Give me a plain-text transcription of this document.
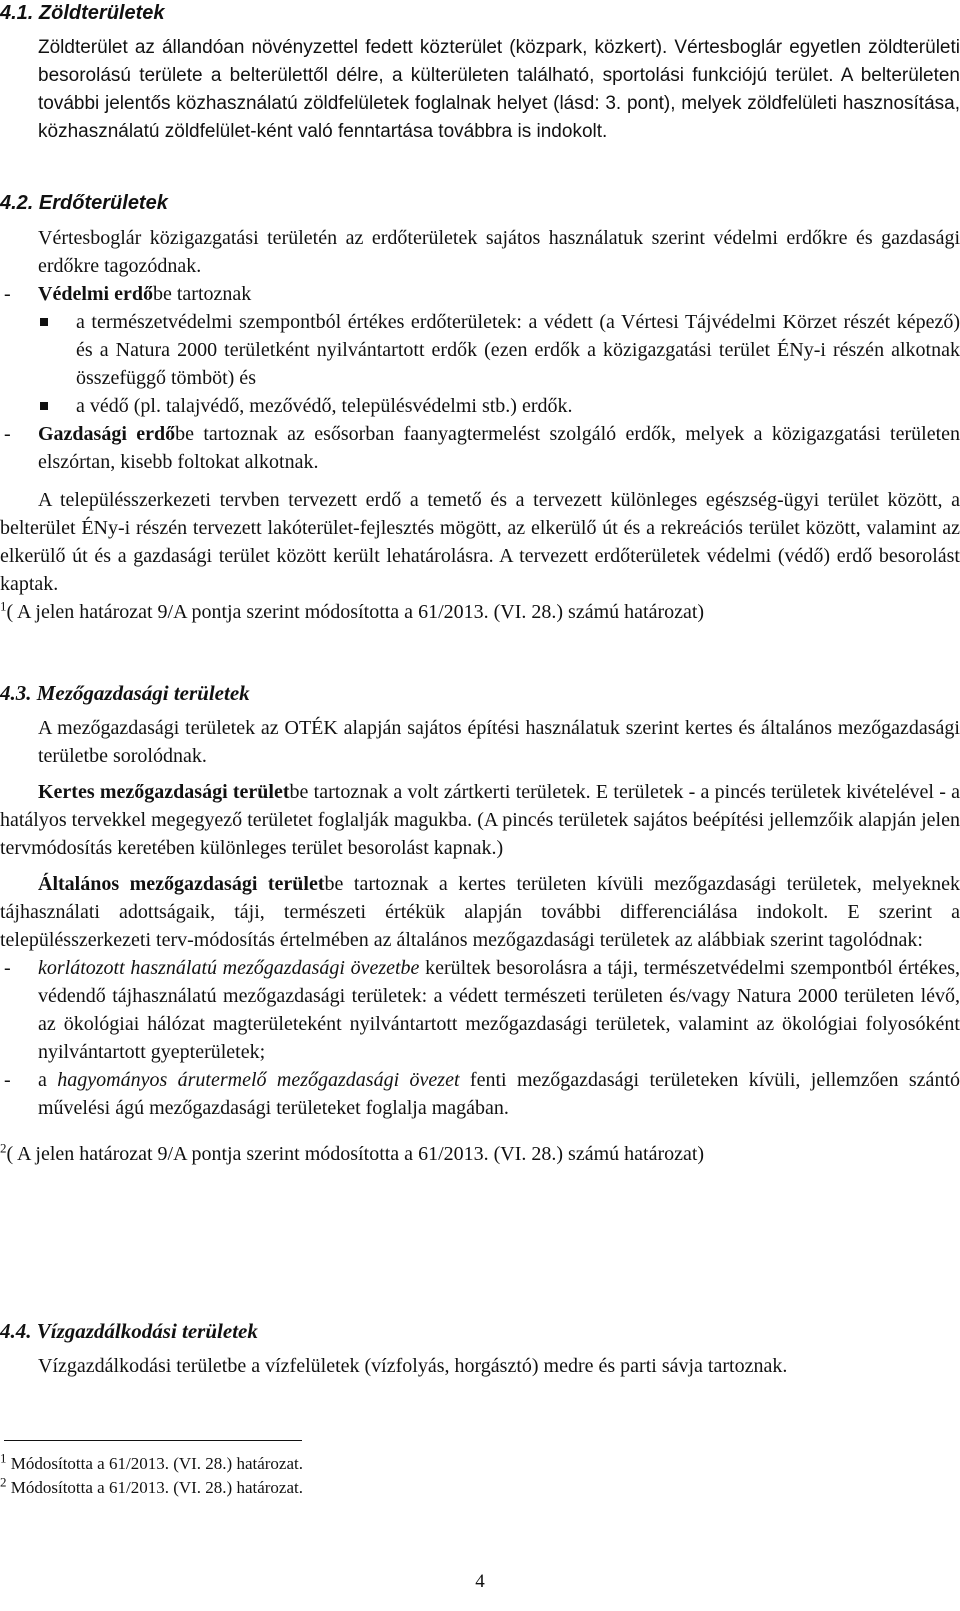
4.1. Zöldterületek

Zöldterület az állandóan növényzettel fedett közterület (közpark, közkert). Vértesboglár egyetlen zöldterületi besorolású területe a belterülettől délre, a külterületen található, sportolási funkciójú terület. A belterületen további jelentős közhasználatú zöldfelületek foglalnak helyet (lásd: 3. pont), melyek zöldfelületi hasznosítása, közhasználatú zöldfelület-ként való fenntartása továbbra is indokolt.

4.2. Erdőterületek

Vértesboglár közigazgatási területén az erdőterületek sajátos használatuk szerint védelmi erdőkre és gazdasági erdőkre tagozódnak.

- Védelmi erdőbe tartoznak

a természetvédelmi szempontból értékes erdőterületek: a védett (a Vértesi Tájvédelmi Körzet részét képező) és a Natura 2000 területként nyilvántartott erdők (ezen erdők a közigazgatási terület ÉNy-i részén alkotnak összefüggő tömböt) és

a védő (pl. talajvédő, mezővédő, településvédelmi stb.) erdők.

- Gazdasági erdőbe tartoznak az esősorban faanyagtermelést szolgáló erdők, melyek a közigazgatási területen elszórtan, kisebb foltokat alkotnak.

A településszerkezeti tervben tervezett erdő a temető és a tervezett különleges egészség-ügyi terület között, a belterület ÉNy-i részén tervezett lakóterület-fejlesztés mögött, az elkerülő út és a rekreációs terület között, valamint az elkerülő út és a gazdasági terület között került lehatárolásra. A tervezett erdőterületek védelmi (védő) erdő besorolást kaptak.

$^1$( A jelen határozat 9/A pontja szerint módosította a 61/2013. (VI. 28.) számú határozat)

4.3. Mezőgazdasági területek

A mezőgazdasági területek az OTÉK alapján sajátos építési használatuk szerint kertes és általános mezőgazdasági területbe sorolódnak.

Kertes mezőgazdasági területbe tartoznak a volt zártkerti területek. E területek - a pincés területek kivételével - a hatályos tervekkel megegyező területet foglalják magukba. (A pincés területek sajátos beépítési jellemzőik alapján jelen tervmódosítás keretében különleges terület besorolást kapnak.)

Általános mezőgazdasági területbe tartoznak a kertes területen kívüli mezőgazdasági területek, melyeknek tájhasználati adottságaik, táji, természeti értékük alapján további differenciálása indokolt. E szerint a településszerkezeti terv-módosítás értelmében az általános mezőgazdasági területek az alábbiak szerint tagolódnak:

- korlátozott használatú mezőgazdasági övezetbe kerültek besorolásra a táji, természetvédelmi szempontból értékes, védendő tájhasználatú mezőgazdasági területek: a védett természeti területen és/vagy Natura 2000 területen lévő, az ökológiai hálózat magterületeként nyilvántartott mezőgazdasági területek, valamint az ökológiai folyosóként nyilvántartott gyepterületek;

- a hagyományos árutermelő mezőgazdasági övezet fenti mezőgazdasági területeken kívüli, jellemzően szántó művelési ágú mezőgazdasági területeket foglalja magában.

$^2$( A jelen határozat 9/A pontja szerint módosította a 61/2013. (VI. 28.) számú határozat)

4.4. Vízgazdálkodási területek

Vízgazdálkodási területbe a vízfelületek (vízfolyás, horgásztó) medre és parti sávja tartoznak.

$^1$ Módosította a 61/2013. (VI. 28.) határozat.
$^2$ Módosította a 61/2013. (VI. 28.) határozat.
4
